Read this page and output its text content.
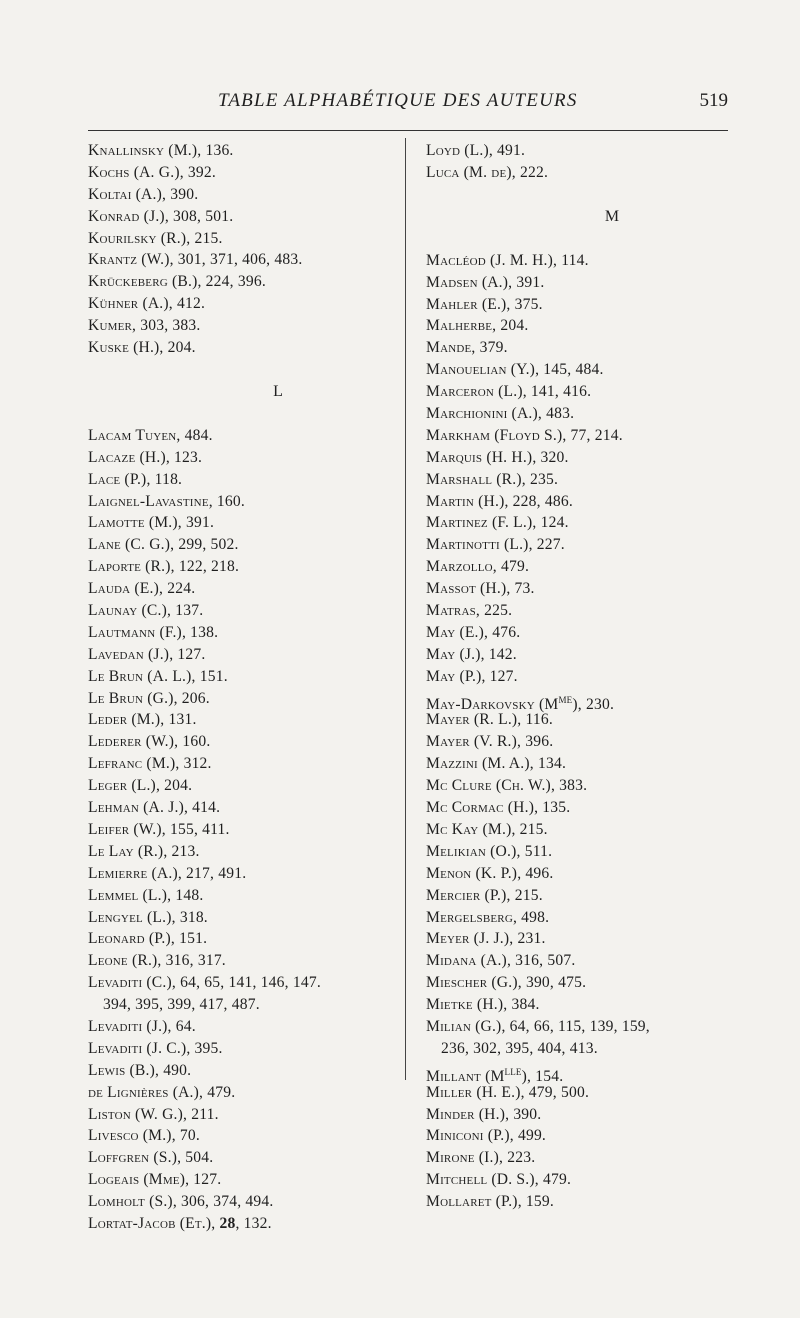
TABLE ALPHABÉTIQUE DES AUTEURS	519
Knallinsky (M.), 136.
Kochs (A. G.), 392.
Koltai (A.), 390.
Konrad (J.), 308, 501.
Kourilsky (R.), 215.
Krantz (W.), 301, 371, 406, 483.
Krückeberg (B.), 224, 396.
Kühner (A.), 412.
Kumer, 303, 383.
Kuske (H.), 204.
L
Lacam Tuyen, 484.
Lacaze (H.), 123.
Lace (P.), 118.
Laignel-Lavastine, 160.
Lamotte (M.), 391.
Lane (C. G.), 299, 502.
Laporte (R.), 122, 218.
Lauda (E.), 224.
Launay (C.), 137.
Lautmann (F.), 138.
Lavedan (J.), 127.
Le Brun (A. L.), 151.
Le Brun (G.), 206.
Leder (M.), 131.
Lederer (W.), 160.
Lefranc (M.), 312.
Leger (L.), 204.
Lehman (A. J.), 414.
Leifer (W.), 155, 411.
Le Lay (R.), 213.
Lemierre (A.), 217, 491.
Lemmel (L.), 148.
Lengyel (L.), 318.
Leonard (P.), 151.
Leone (R.), 316, 317.
Levaditi (C.), 64, 65, 141, 146, 147.
394, 395, 399, 417, 487.
Levaditi (J.), 64.
Levaditi (J. C.), 395.
Lewis (B.), 490.
de Lignières (A.), 479.
Liston (W. G.), 211.
Livesco (M.), 70.
Loffgren (S.), 504.
Logeais (Mme), 127.
Lomholt (S.), 306, 374, 494.
Lortat-Jacob (Et.), 28, 132.
Loyd (L.), 491.
Luca (M. de), 222.
M
Macléod (J. M. H.), 114.
Madsen (A.), 391.
Mahler (E.), 375.
Malherbe, 204.
Mande, 379.
Manouelian (Y.), 145, 484.
Marceron (L.), 141, 416.
Marchionini (A.), 483.
Markham (Floyd S.), 77, 214.
Marquis (H. H.), 320.
Marshall (R.), 235.
Martin (H.), 228, 486.
Martinez (F. L.), 124.
Martinotti (L.), 227.
Marzollo, 479.
Massot (H.), 73.
Matras, 225.
May (E.), 476.
May (J.), 142.
May (P.), 127.
May-Darkovsky $(M^{me})$, 230.
Mayer (R. L.), 116.
Mayer (V. R.), 396.
Mazzini (M. A.), 134.
Mc Clure (Ch. W.), 383.
Mc Cormac (H.), 135.
Mc Kay (M.), 215.
Melikian (O.), 511.
Menon (K. P.), 496.
Mercier (P.), 215.
Mergelsberg, 498.
Meyer (J. J.), 231.
Midana (A.), 316, 507.
Miescher (G.), 390, 475.
Mietke (H.), 384.
Milian (G.), 64, 66, 115, 139, 159,
236, 302, 395, 404, 413.
Millant $(M^{lle})$, 154.
Miller (H. E.), 479, 500.
Minder (H.), 390.
Miniconi (P.), 499.
Mirone (I.), 223.
Mitchell (D. S.), 479.
Mollaret (P.), 159.
